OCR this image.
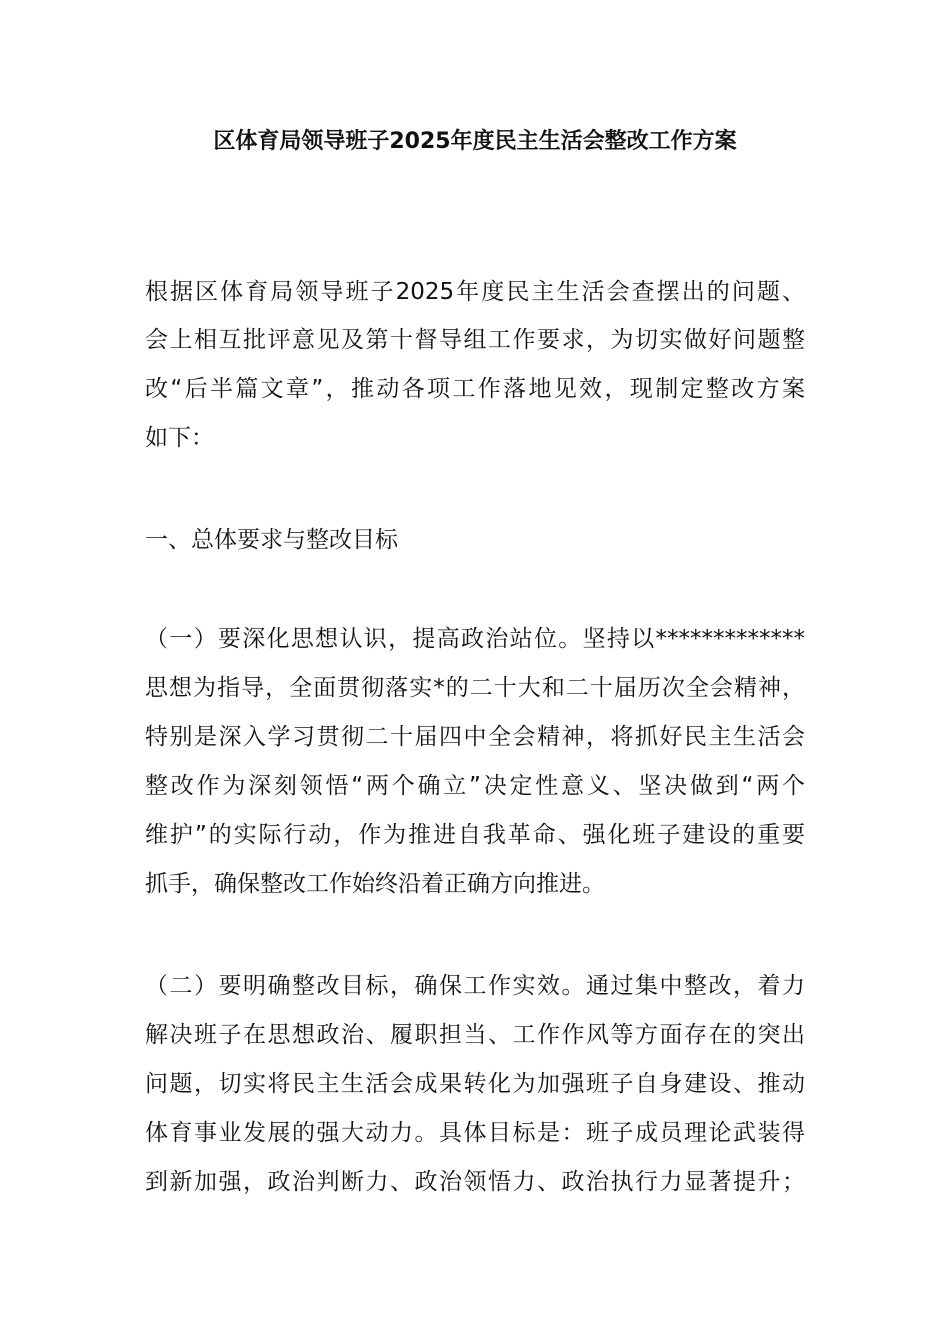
区体育局领导班子2025年度民主生活会整改工作方案
根据区体育局领导班子2025年度民主生活会查摆出的问题、
会上相互批评意见及第十督导组工作要求，为切实做好问题整
改“后半篇文章”，推动各项工作落地见效，现制定整改方案
如下：
一、总体要求与整改目标
（一）要深化思想认识，提高政治站位。坚持以*************
思想为指导，全面贯彻落实*的二十大和二十届历次全会精神，
特别是深入学习贯彻二十届四中全会精神，将抓好民主生活会
整改作为深刻领悟“两个确立”决定性意义、坚决做到“两个
维护”的实际行动，作为推进自我革命、强化班子建设的重要
抓手，确保整改工作始终沿着正确方向推进。
（二）要明确整改目标，确保工作实效。通过集中整改，着力
解决班子在思想政治、履职担当、工作作风等方面存在的突出
问题，切实将民主生活会成果转化为加强班子自身建设、推动
体育事业发展的强大动力。具体目标是：班子成员理论武装得
到新加强，政治判断力、政治领悟力、政治执行力显著提升；
